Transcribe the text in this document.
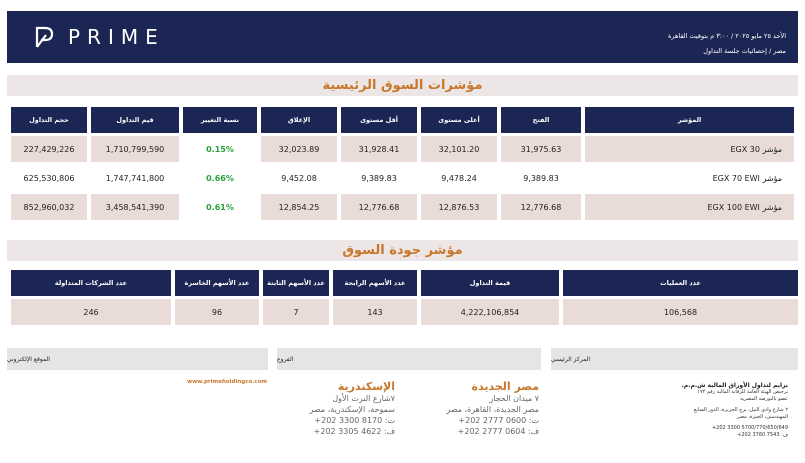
PRIME	الأحد ٢٥ مايو ٢٠٢٥ / ٣:٠٠ م بتوقيت القاهرة
مصر / إحصائيات جلسة التداول
مؤشرات السوق الرئيسية
حجم التداول	قيم التداول	نسبة التغيير	الإغلاق	أقل مستوى	أعلى مستوى	الفتح	المؤشر
227,429,226	1,710,799,590	0.15%	32,023.89	31,928.41	32,101.20	31,975.63	مؤشر EGX 30
625,530,806	1,747,741,800	0.66%	9,452.08	9,389.83	9,478.24	9,389.83	مؤشر EGX 70 EWI
852,960,032	3,458,541,390	0.61%	12,854.25	12,776.68	12,876.53	12,776.68	مؤشر EGX 100 EWI
مؤشر جودة السوق
عدد الشركات المتداولة	عدد الأسهم الخاسرة	عدد الأسهم الثابتة	عدد الأسهم الرابحة	قيمة التداول	عدد العمليات
246	96	7	143	4,222,106,854	106,568
الموقع الإلكتروني	الفروع	المركز الرئيسي
www.primeholdingco.com	الإسكندرية
٧شارع البرت الأول
سموحة، الإسكندرية، مصر
ت: 8170 3300 202+
ف: 4622 3305 202+
مصر الجديدة
٧ ميدان الحجاز
مصر الجديدة، القاهرة، مصر
ت: 0600 2777 202+
ف: 0604 2777 202+
برايم لتداول الأوراق المالية ش.م.م.
ترخيص الهيئة العامة للرقابة المالية رقم ١٧٢
عضو بالبورصة المصرية
٢ شارع وادي النيل، برج الجزيرة، الدور السابع
المهندسين، الجيزة، مصر
+202 3300 5700/770/650/649
ف: 7543 3760 202+
